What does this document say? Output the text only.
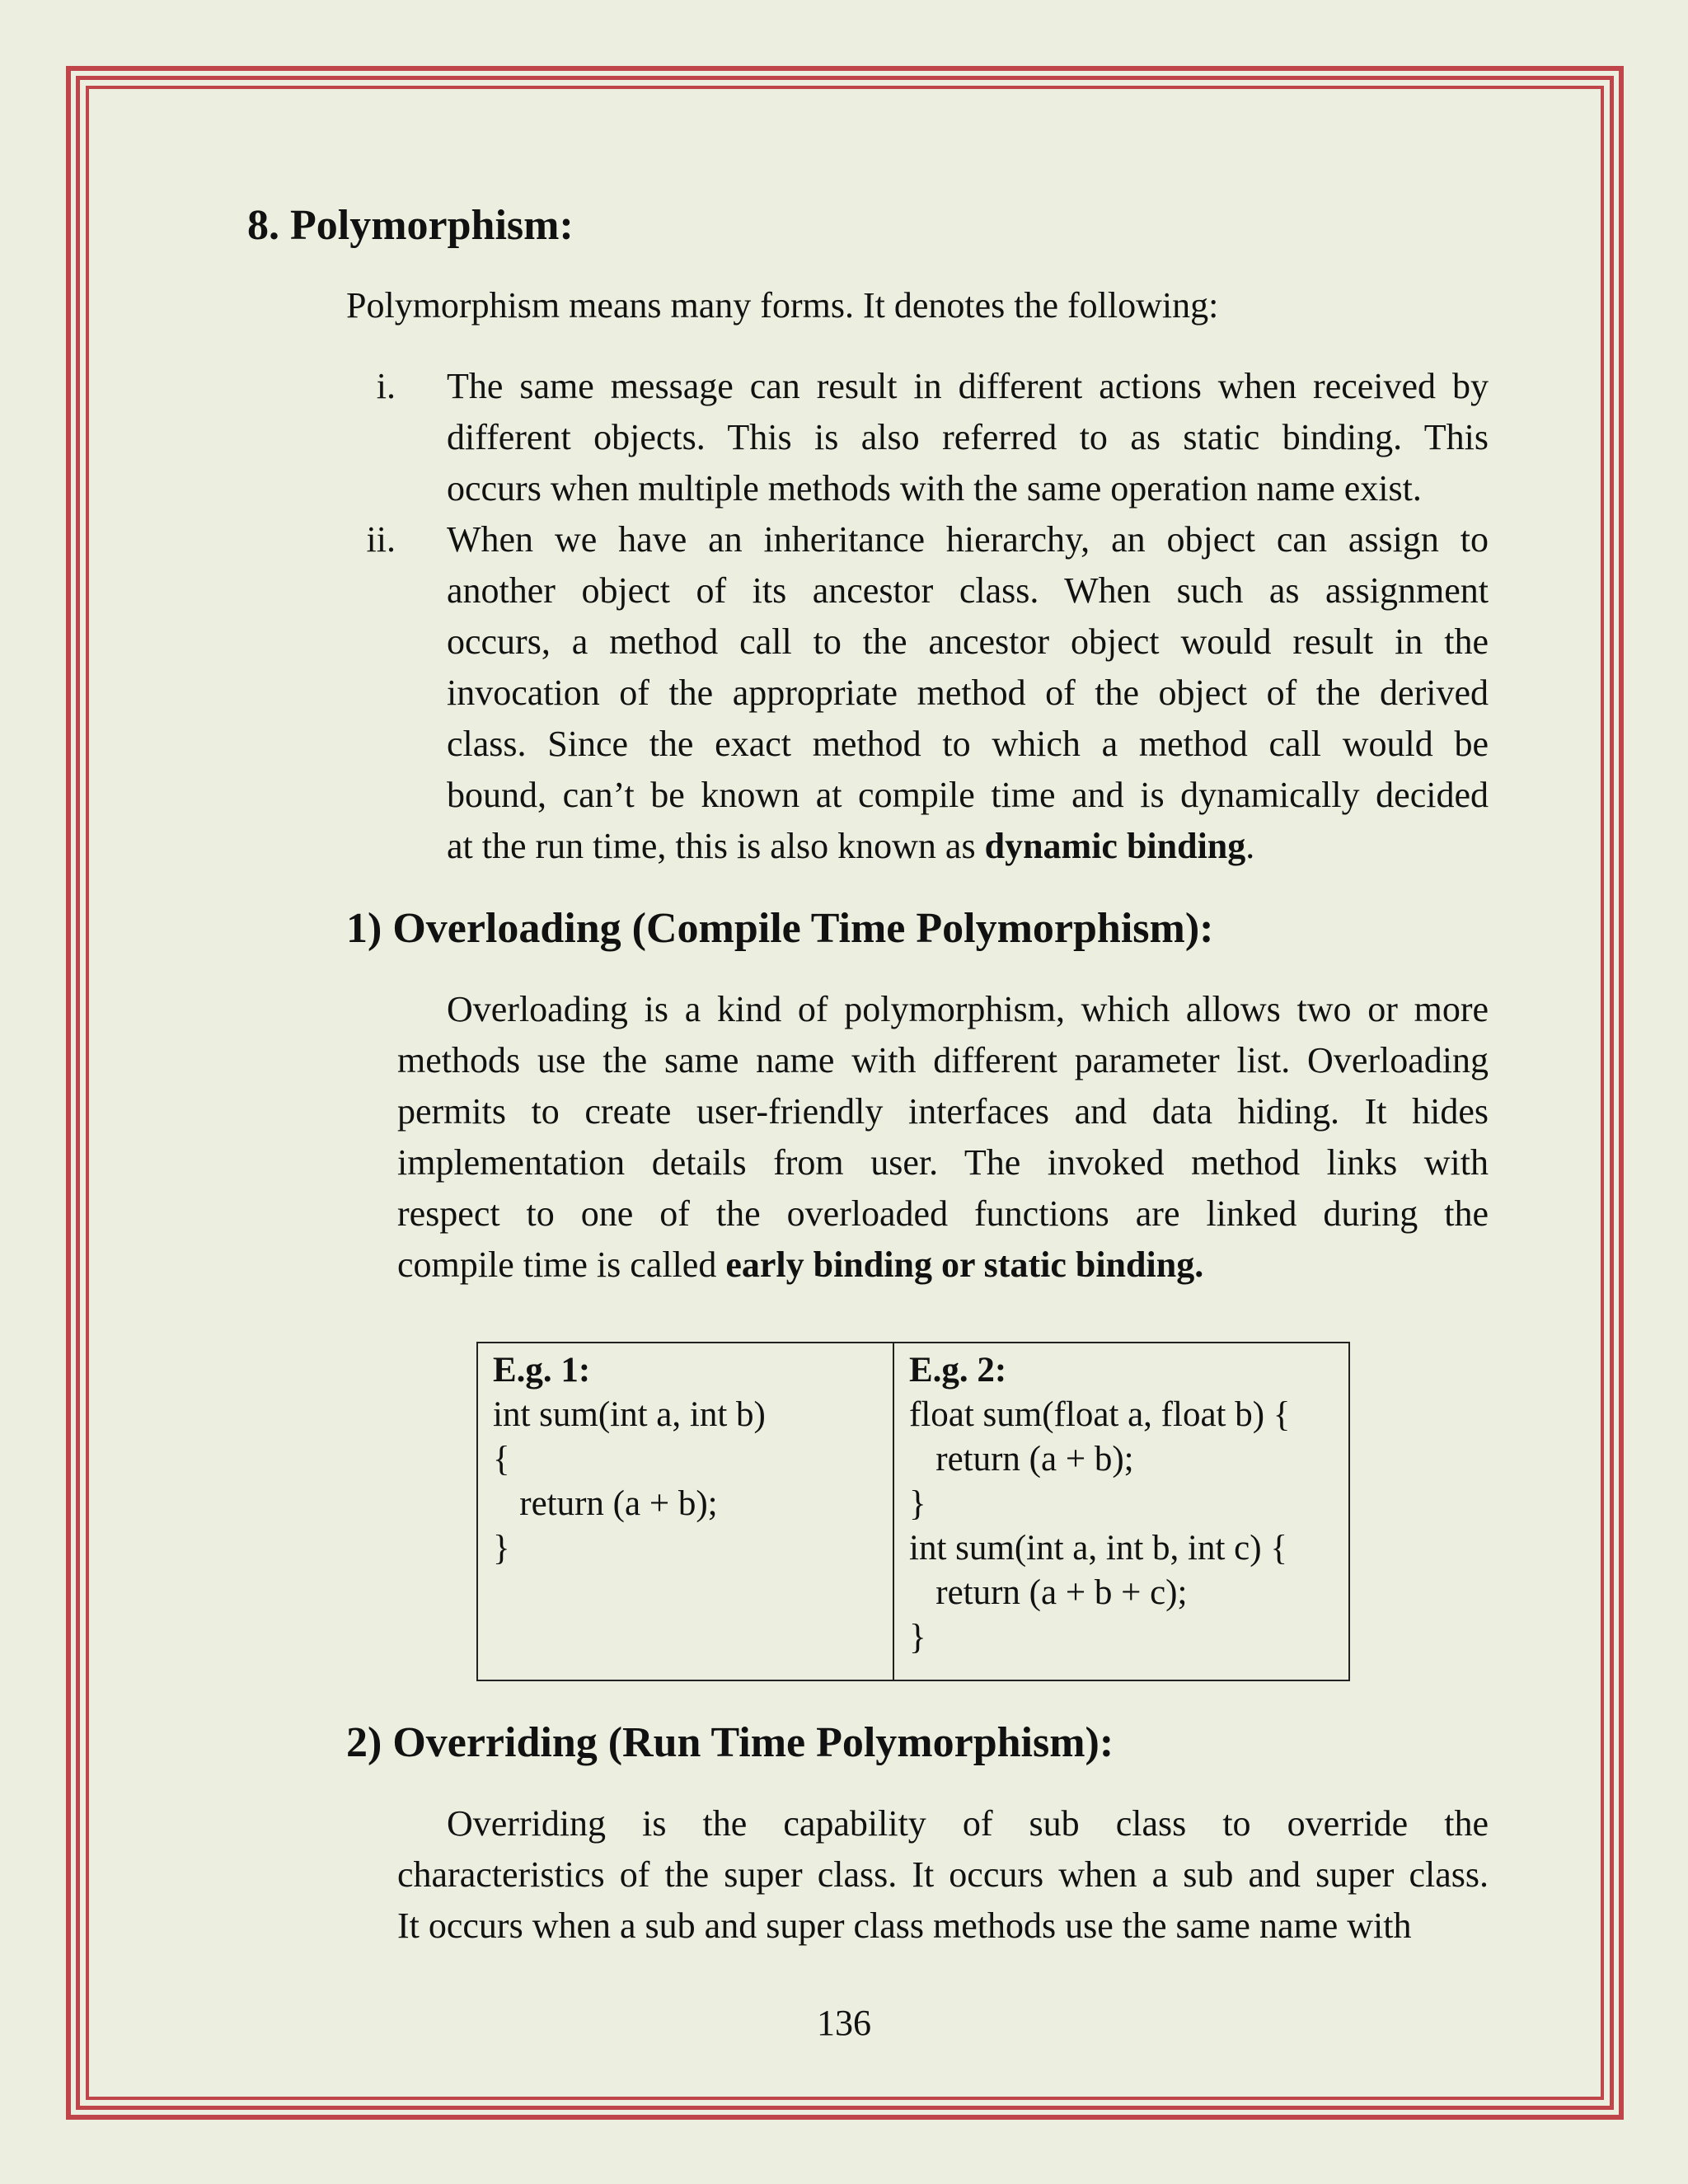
8. Polymorphism:

Polymorphism means many forms. It denotes the following:

i. The same message can result in different actions when received by
different objects. This is also referred to as static binding. This
occurs when multiple methods with the same operation name exist.
ii. When we have an inheritance hierarchy, an object can assign to
another object of its ancestor class. When such as assignment
occurs, a method call to the ancestor object would result in the
invocation of the appropriate method of the object of the derived
class. Since the exact method to which a method call would be
bound, can’t be known at compile time and is dynamically decided
at the run time, this is also known as dynamic binding.
1) Overloading (Compile Time Polymorphism):
Overloading is a kind of polymorphism, which allows two or more
methods use the same name with different parameter list. Overloading
permits to create user-friendly interfaces and data hiding. It hides
implementation details from user. The invoked method links with
respect to one of the overloaded functions are linked during the
compile time is called early binding or static binding.
E.g. 1:
int sum(int a, int b)
{
return (a + b);
}
E.g. 2:
float sum(float a, float b) {
return (a + b);
}
int sum(int a, int b, int c) {
return (a + b + c);
}
2) Overriding (Run Time Polymorphism):
Overriding is the capability of sub class to override the
characteristics of the super class. It occurs when a sub and super class.
It occurs when a sub and super class methods use the same name with
136
